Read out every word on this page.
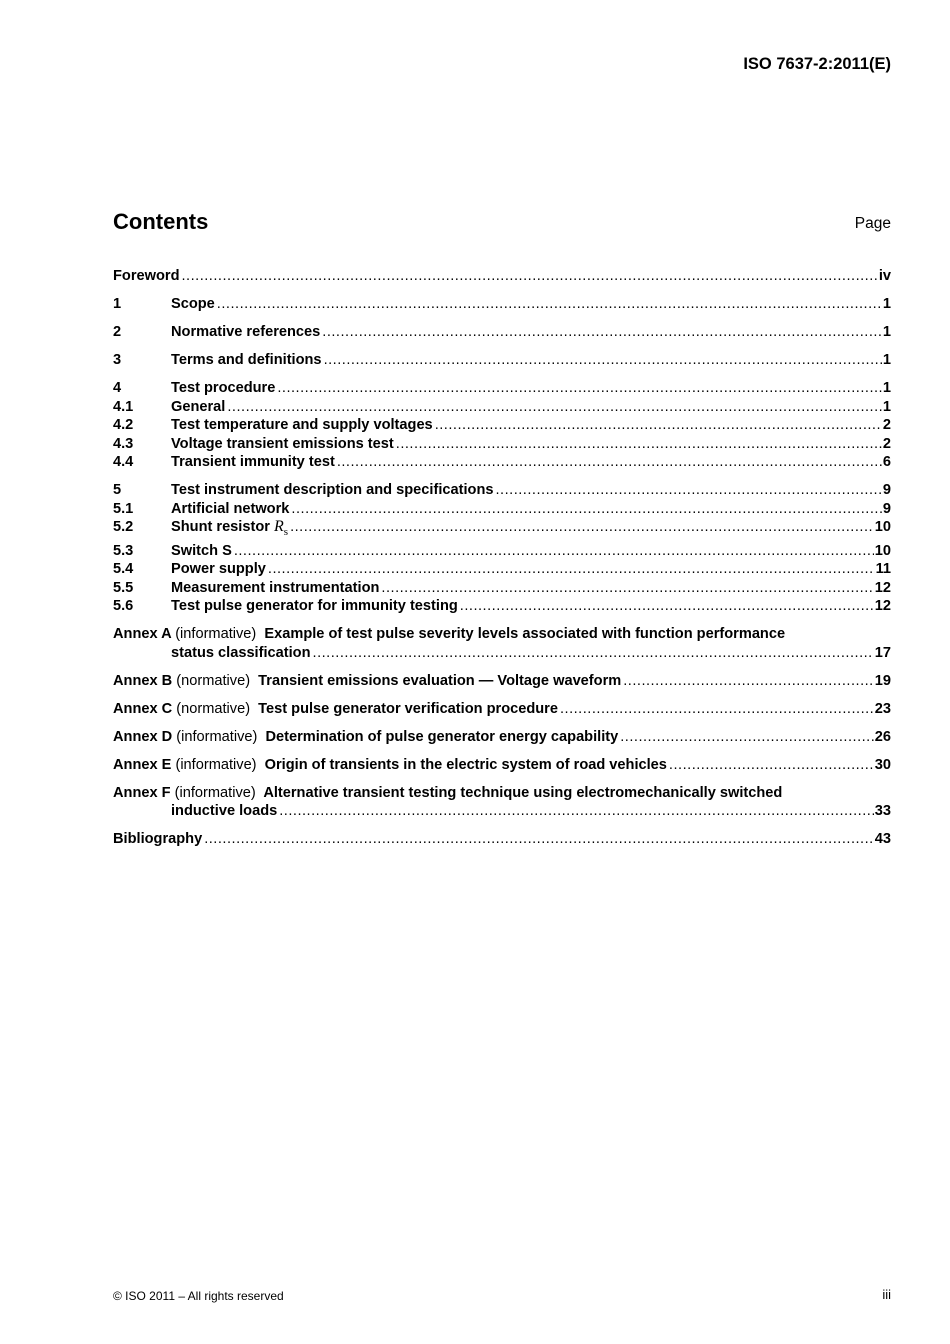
ISO 7637-2:2011(E)
Contents	Page
Foreword .....	iv
1	Scope .....	1
2	Normative references .....	1
3	Terms and definitions .....	1
4	Test procedure .....	1
4.1	General .....	1
4.2	Test temperature and supply voltages .....	2
4.3	Voltage transient emissions test .....	2
4.4	Transient immunity test .....	6
5	Test instrument description and specifications .....	9
5.1	Artificial network .....	9
5.2	Shunt resistor $R_s$ .....	10
5.3	Switch S .....	10
5.4	Power supply .....	11
5.5	Measurement instrumentation .....	12
5.6	Test pulse generator for immunity testing .....	12
Annex A (informative) Example of test pulse severity levels associated with function performance
status classification .....	17
Annex B (normative) Transient emissions evaluation — Voltage waveform .....	19
Annex C (normative) Test pulse generator verification procedure .....	23
Annex D (informative) Determination of pulse generator energy capability .....	26
Annex E (informative) Origin of transients in the electric system of road vehicles .....	30
Annex F (informative) Alternative transient testing technique using electromechanically switched
inductive loads .....	33
Bibliography .....	43
© ISO 2011 – All rights reserved	iii
